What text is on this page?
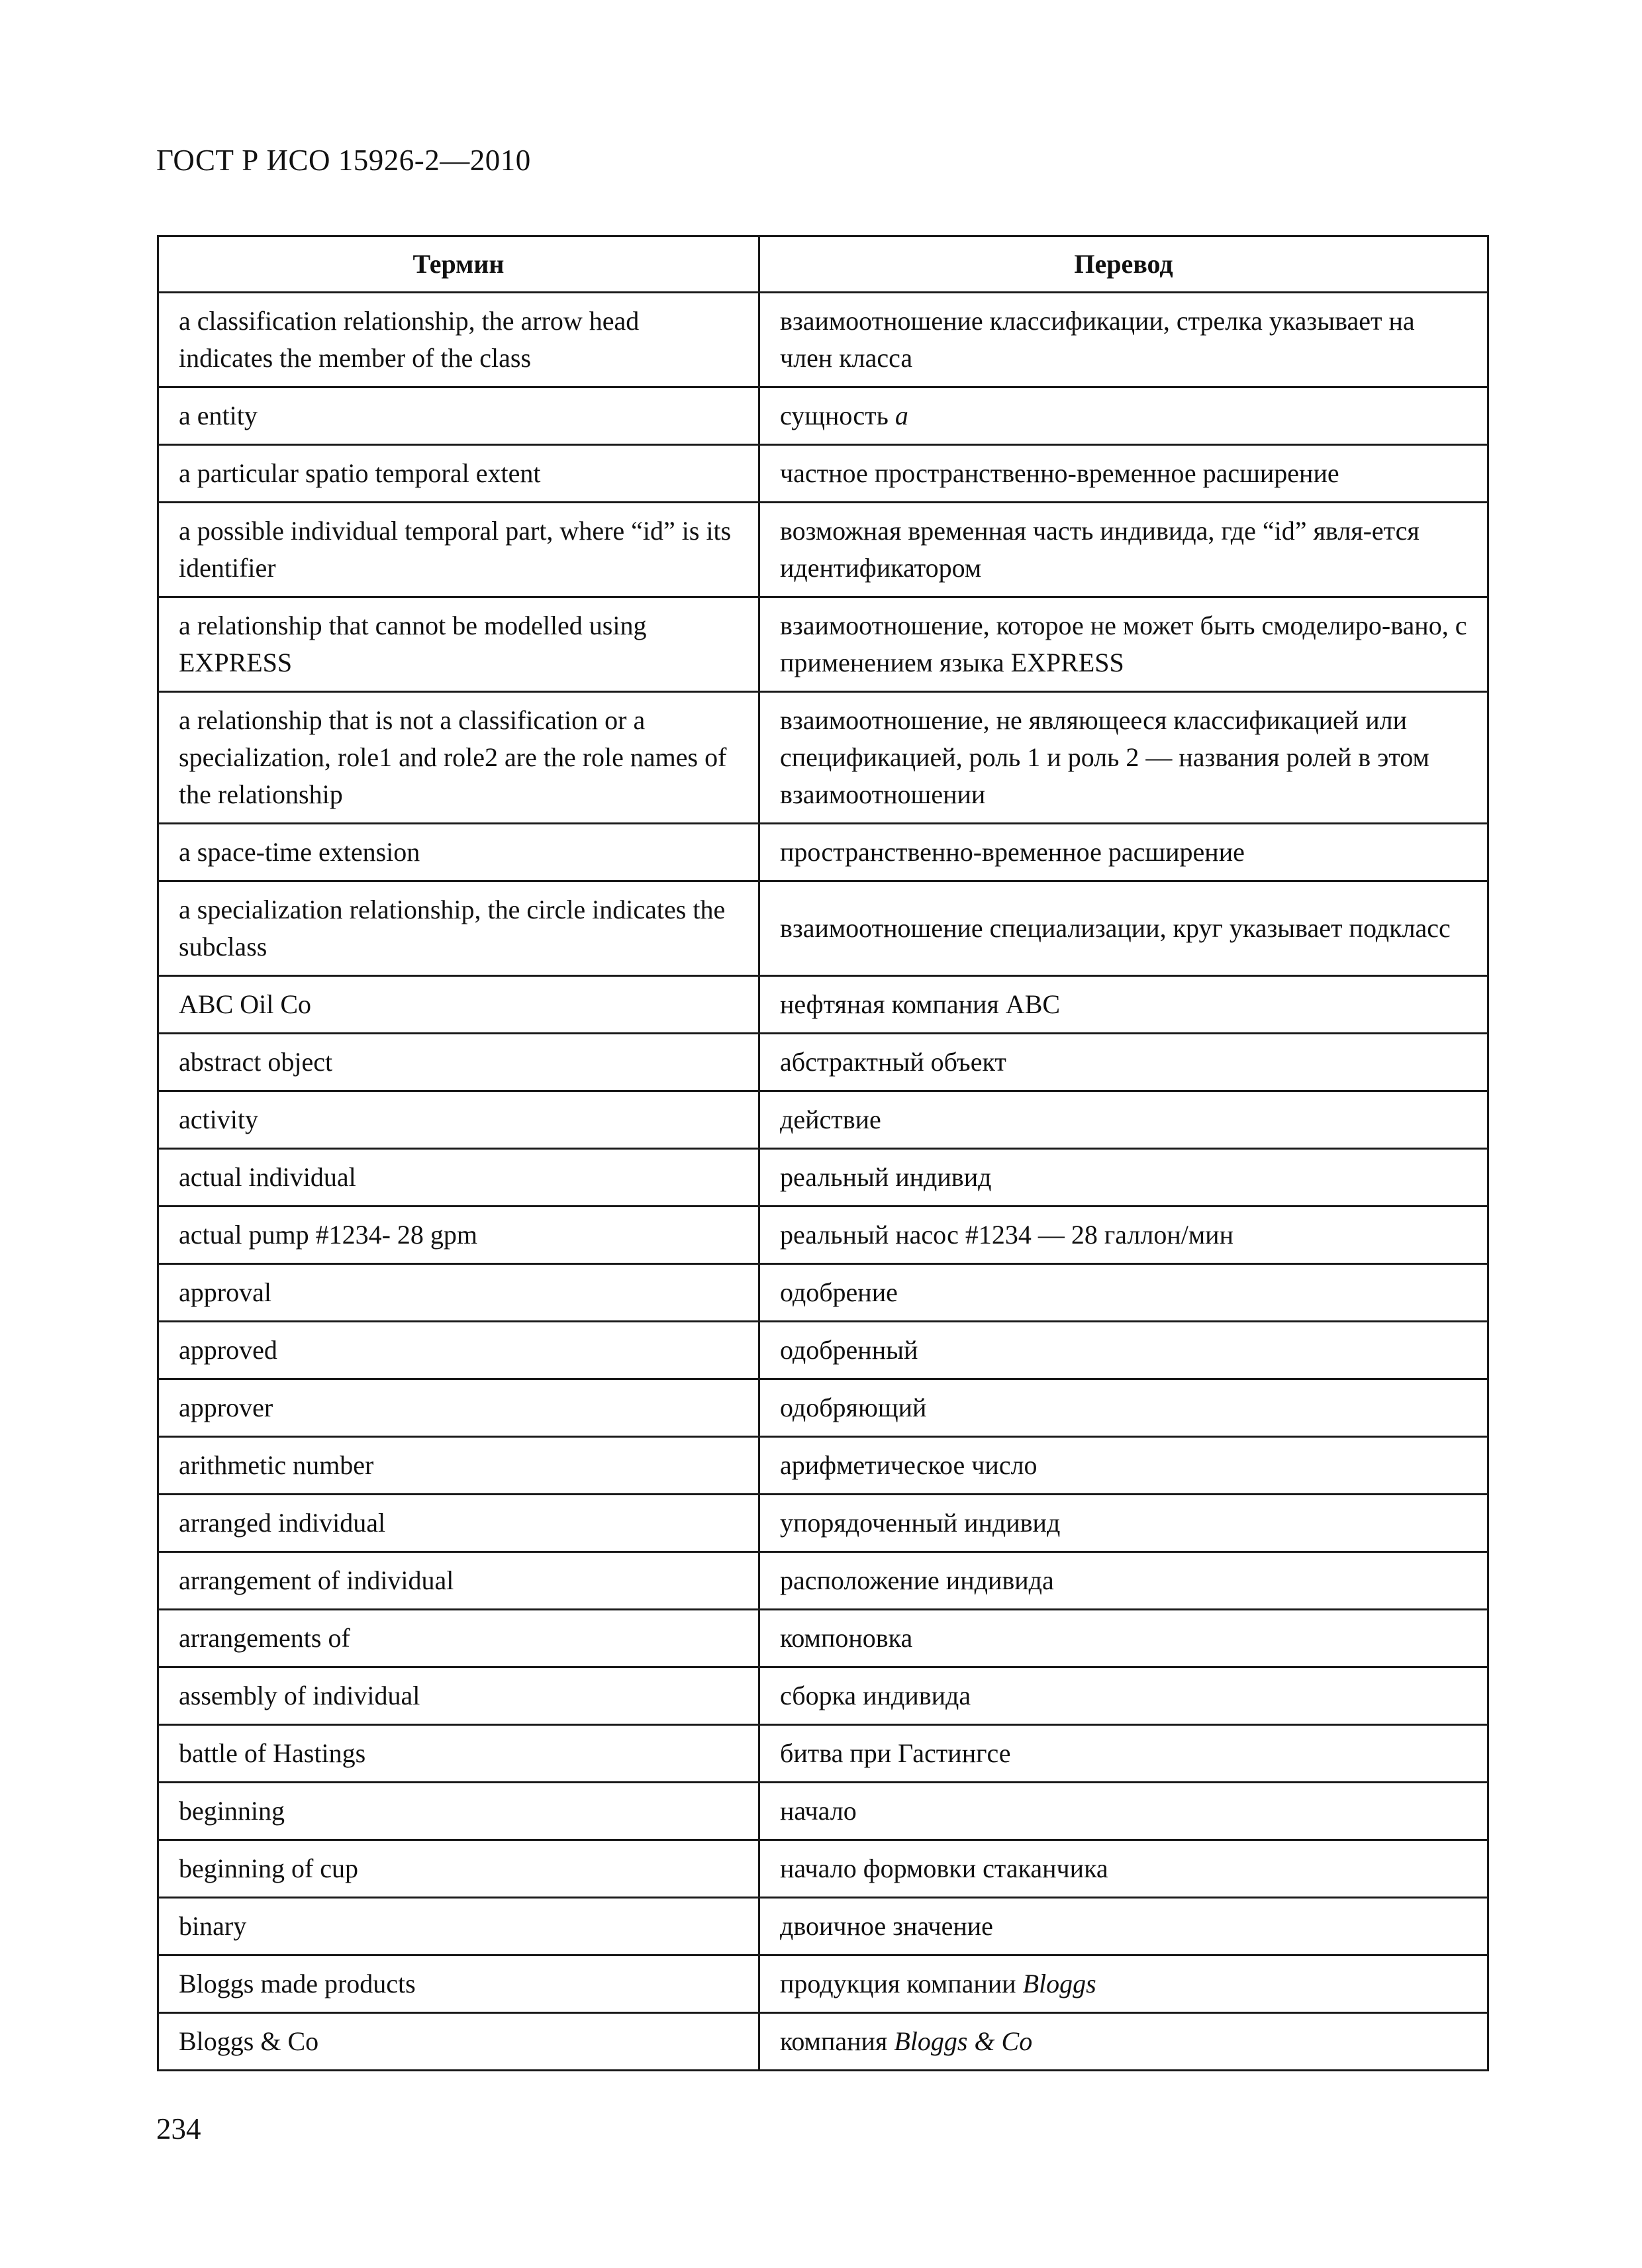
ГОСТ Р ИСО 15926-2—2010
Термин	Перевод
a classification relationship, the arrow head indicates the member of the class	взаимоотношение классификации, стрелка указывает на член класса
a entity	сущность a
a particular spatio temporal extent	частное пространственно-временное расширение
a possible individual temporal part, where “id” is its identifier	возможная временная часть индивида, где “id” явля-ется идентификатором
a relationship that cannot be modelled using EXPRESS	взаимоотношение, которое не может быть смоделиро-вано, с применением языка EXPRESS
a relationship that is not a classification or a specialization, role1 and role2 are the role names of the relationship	взаимоотношение, не являющееся классификацией или спецификацией, роль 1 и роль 2 — названия ролей в этом взаимоотношении
a space-time extension	пространственно-временное расширение
a specialization relationship, the circle indicates the subclass	взаимоотношение специализации, круг указывает подкласс
ABC Oil Co	нефтяная компания ABC
abstract object	абстрактный объект
activity	действие
actual individual	реальный индивид
actual pump #1234- 28 gpm	реальный насос #1234 — 28 галлон/мин
approval	одобрение
approved	одобренный
approver	одобряющий
arithmetic number	арифметическое число
arranged individual	упорядоченный индивид
arrangement of individual	расположение индивида
arrangements of	компоновка
assembly of individual	сборка индивида
battle of Hastings	битва при Гастингсе
beginning	начало
beginning of cup	начало формовки стаканчика
binary	двоичное значение
Bloggs made products	продукция компании Bloggs
Bloggs & Co	компания Bloggs & Co
234
